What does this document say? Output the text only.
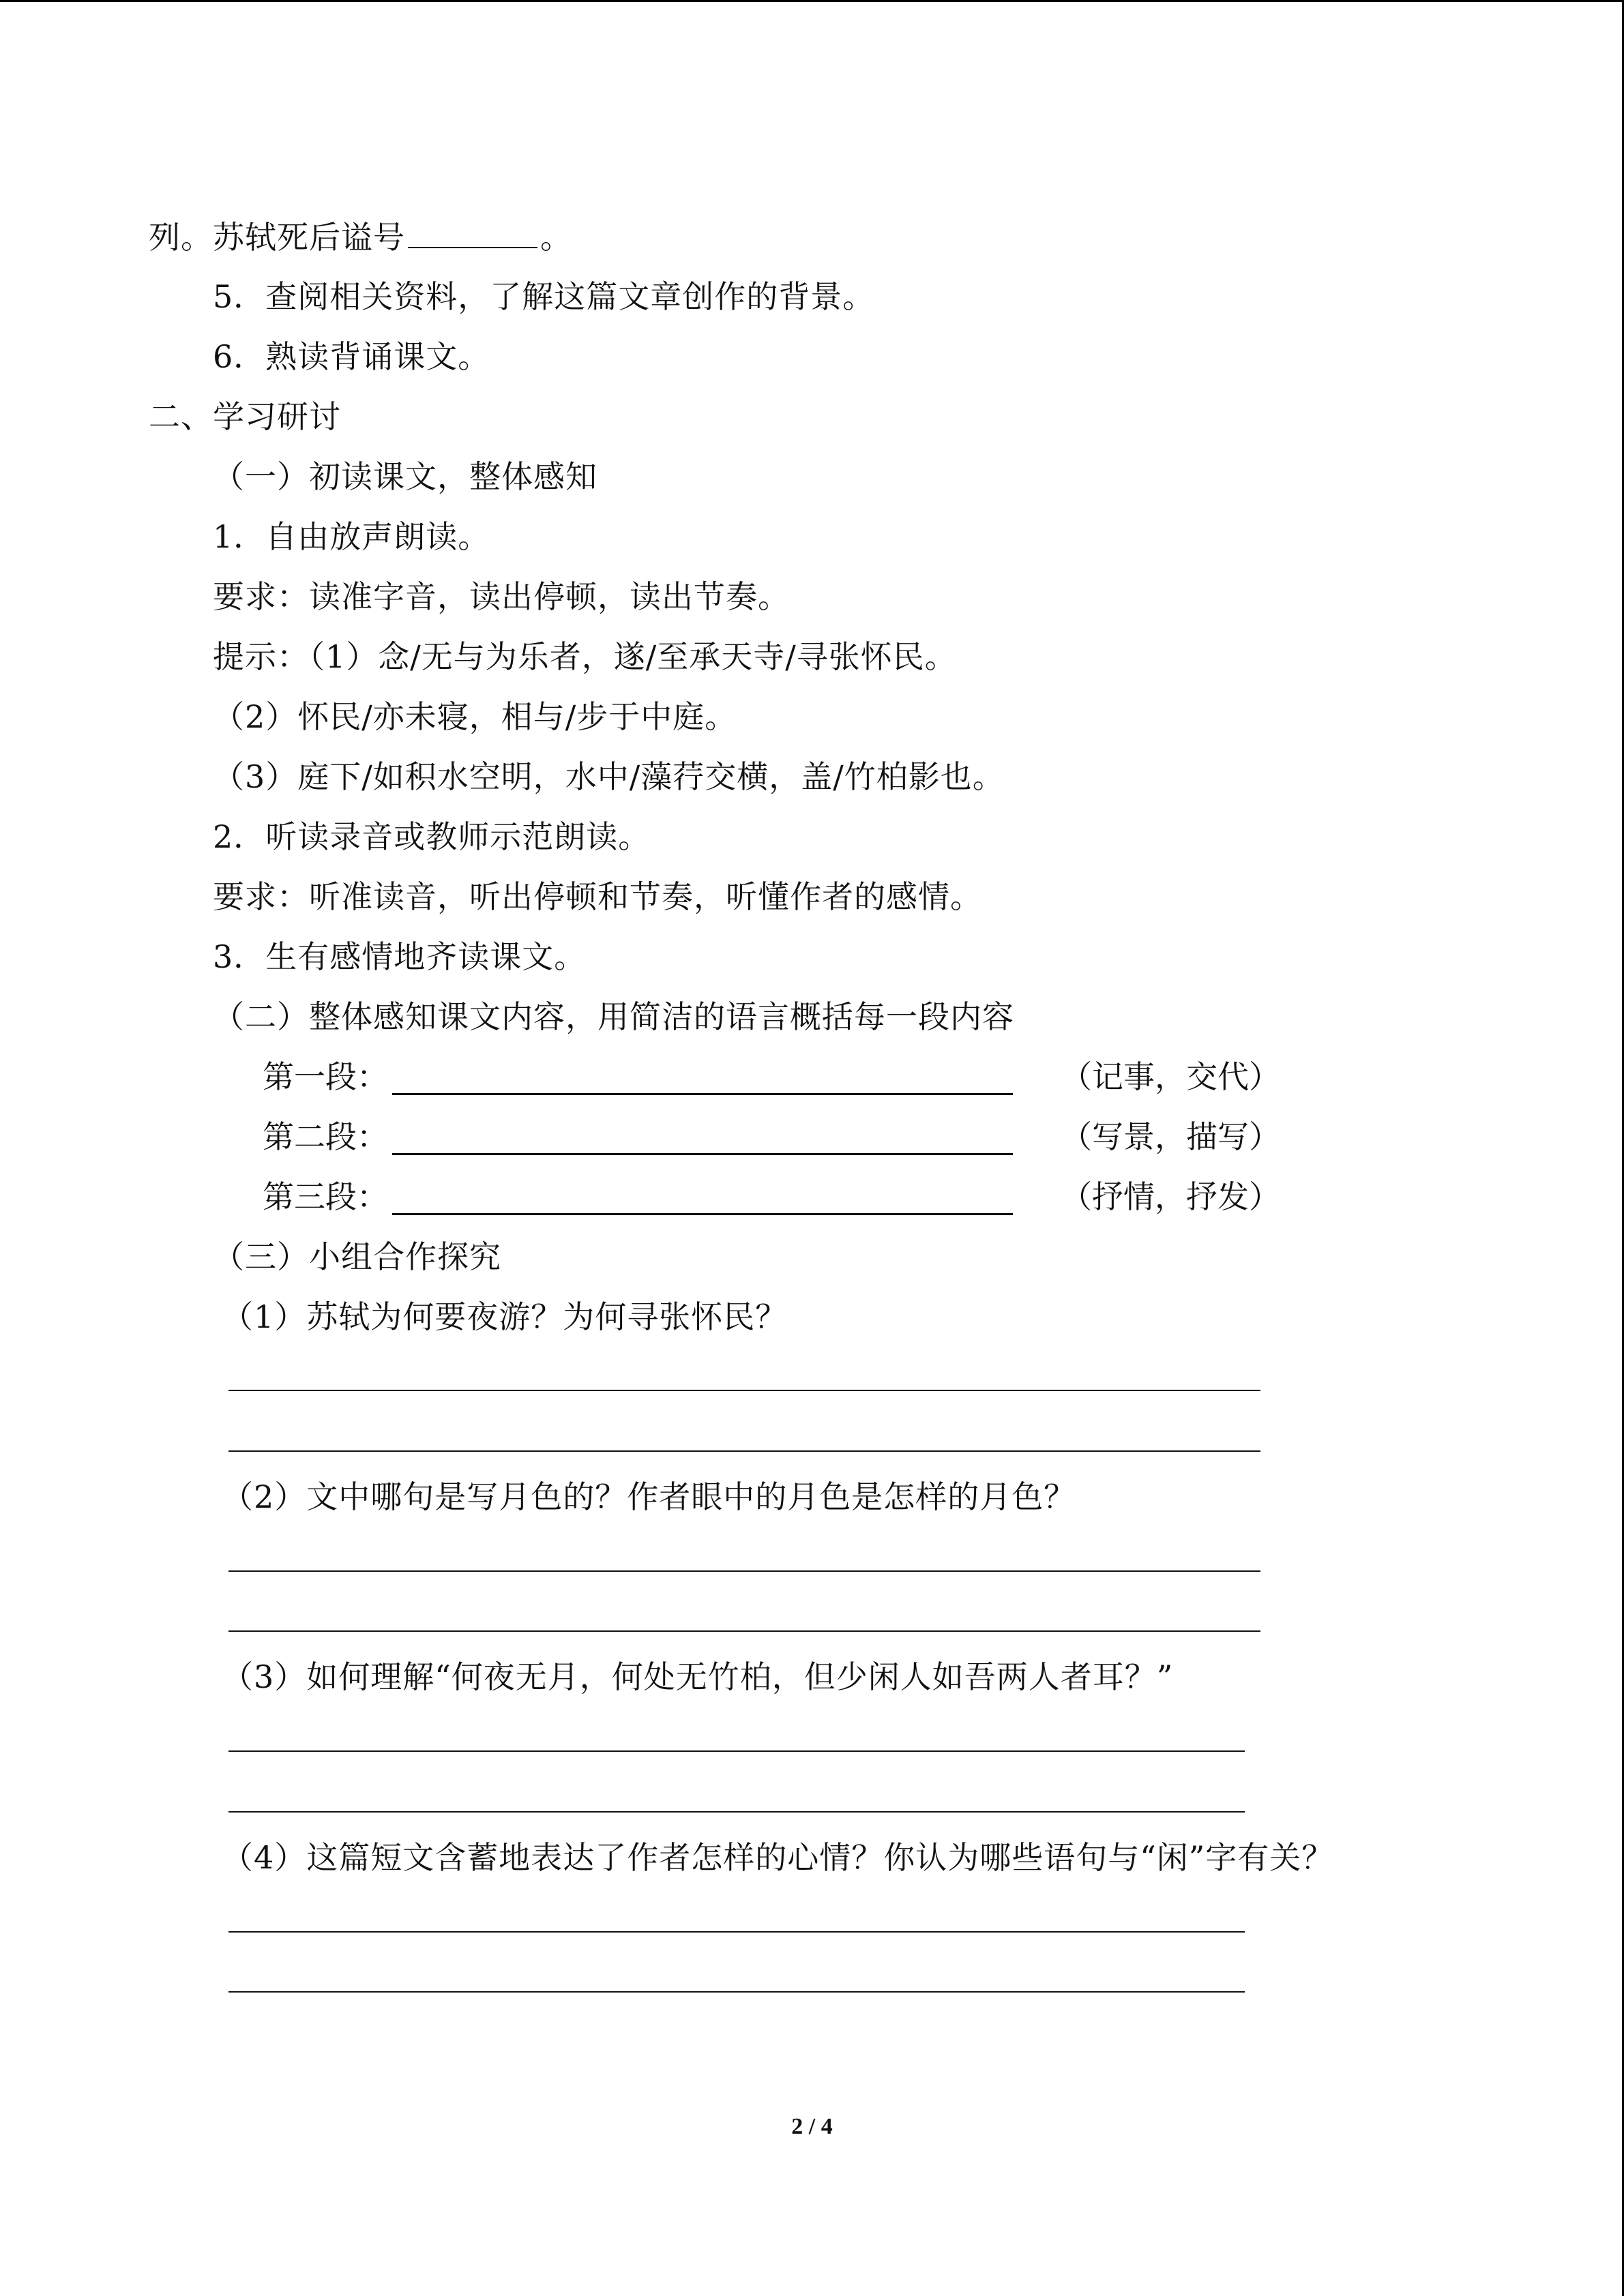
列。苏轼死后谥号	。
5．查阅相关资料，了解这篇文章创作的背景。
6．熟读背诵课文。
二、学习研讨
（一）初读课文，整体感知
1．自由放声朗读。
要求：读准字音，读出停顿，读出节奏。
提示：（1）念/无与为乐者，遂/至承天寺/寻张怀民。
（2）怀民/亦未寝，相与/步于中庭。
（3）庭下/如积水空明，水中/藻荇交横，盖/竹柏影也。
2．听读录音或教师示范朗读。
要求：听准读音，听出停顿和节奏，听懂作者的感情。
3．生有感情地齐读课文。
（二）整体感知课文内容，用简洁的语言概括每一段内容
第一段：	（记事，交代）
第二段：	（写景，描写）
第三段：	（抒情，抒发）
（三）小组合作探究
（1）苏轼为何要夜游？为何寻张怀民？
（2）文中哪句是写月色的？作者眼中的月色是怎样的月色？
（3）如何理解“何夜无月，何处无竹柏，但少闲人如吾两人者耳？”
（4）这篇短文含蓄地表达了作者怎样的心情？你认为哪些语句与“闲”字有关？
2 / 4
